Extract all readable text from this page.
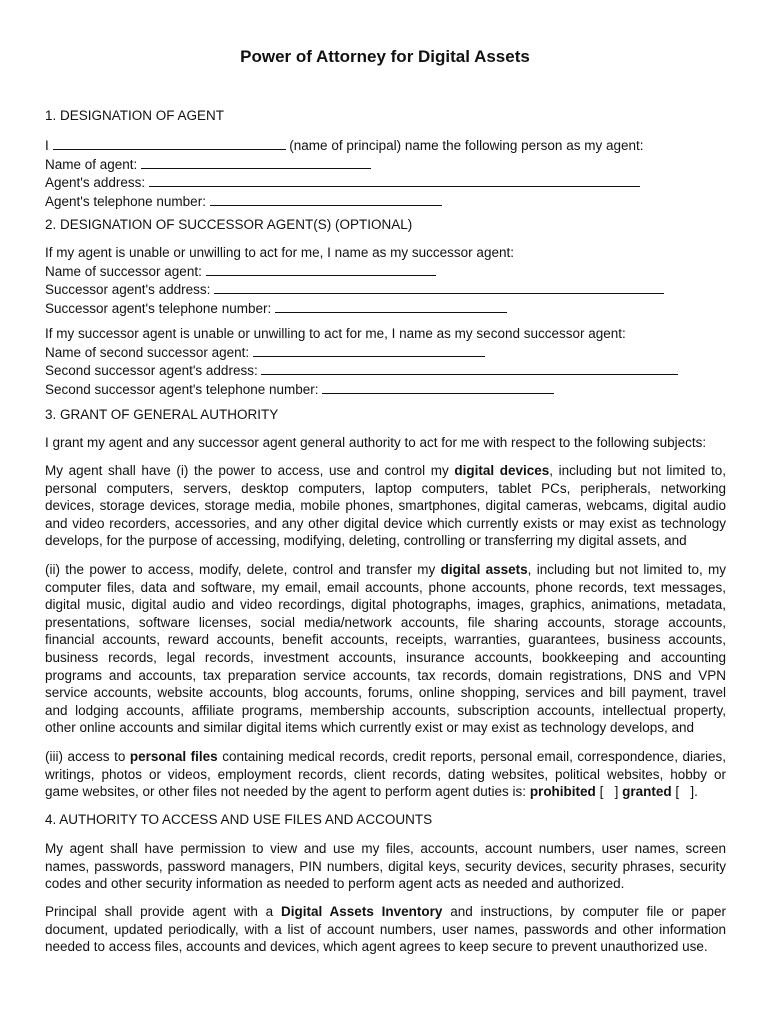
Power of Attorney for Digital Assets
1. DESIGNATION OF AGENT
I	(name of principal) name the following person as my agent:
Name of agent:
Agent's address:
Agent's telephone number:
2. DESIGNATION OF SUCCESSOR AGENT(S) (OPTIONAL)
If my agent is unable or unwilling to act for me, I name as my successor agent:
Name of successor agent:
Successor agent's address:
Successor agent's telephone number:
If my successor agent is unable or unwilling to act for me, I name as my second successor agent:
Name of second successor agent:
Second successor agent's address:
Second successor agent's telephone number:
3. GRANT OF GENERAL AUTHORITY
I grant my agent and any successor agent general authority to act for me with respect to the following subjects:
My agent shall have (i) the power to access, use and control my digital devices, including but not limited to,
personal computers, servers, desktop computers, laptop computers, tablet PCs, peripherals, networking
devices, storage devices, storage media, mobile phones, smartphones, digital cameras, webcams, digital audio
and video recorders, accessories, and any other digital device which currently exists or may exist as technology
develops, for the purpose of accessing, modifying, deleting, controlling or transferring my digital assets, and
(ii) the power to access, modify, delete, control and transfer my digital assets, including but not limited to, my
computer files, data and software, my email, email accounts, phone accounts, phone records, text messages,
digital music, digital audio and video recordings, digital photographs, images, graphics, animations, metadata,
presentations, software licenses, social media/network accounts, file sharing accounts, storage accounts,
financial accounts, reward accounts, benefit accounts, receipts, warranties, guarantees, business accounts,
business records, legal records, investment accounts, insurance accounts, bookkeeping and accounting
programs and accounts, tax preparation service accounts, tax records, domain registrations, DNS and VPN
service accounts, website accounts, blog accounts, forums, online shopping, services and bill payment, travel
and lodging accounts, affiliate programs, membership accounts, subscription accounts, intellectual property,
other online accounts and similar digital items which currently exist or may exist as technology develops, and
(iii) access to personal files containing medical records, credit reports, personal email, correspondence, diaries,
writings, photos or videos, employment records, client records, dating websites, political websites, hobby or
game websites, or other files not needed by the agent to perform agent duties is: prohibited [   ] granted [   ].
4. AUTHORITY TO ACCESS AND USE FILES AND ACCOUNTS
My agent shall have permission to view and use my files, accounts, account numbers, user names, screen
names, passwords, password managers, PIN numbers, digital keys, security devices, security phrases, security
codes and other security information as needed to perform agent acts as needed and authorized.
Principal shall provide agent with a Digital Assets Inventory and instructions, by computer file or paper
document, updated periodically, with a list of account numbers, user names, passwords and other information
needed to access files, accounts and devices, which agent agrees to keep secure to prevent unauthorized use.
